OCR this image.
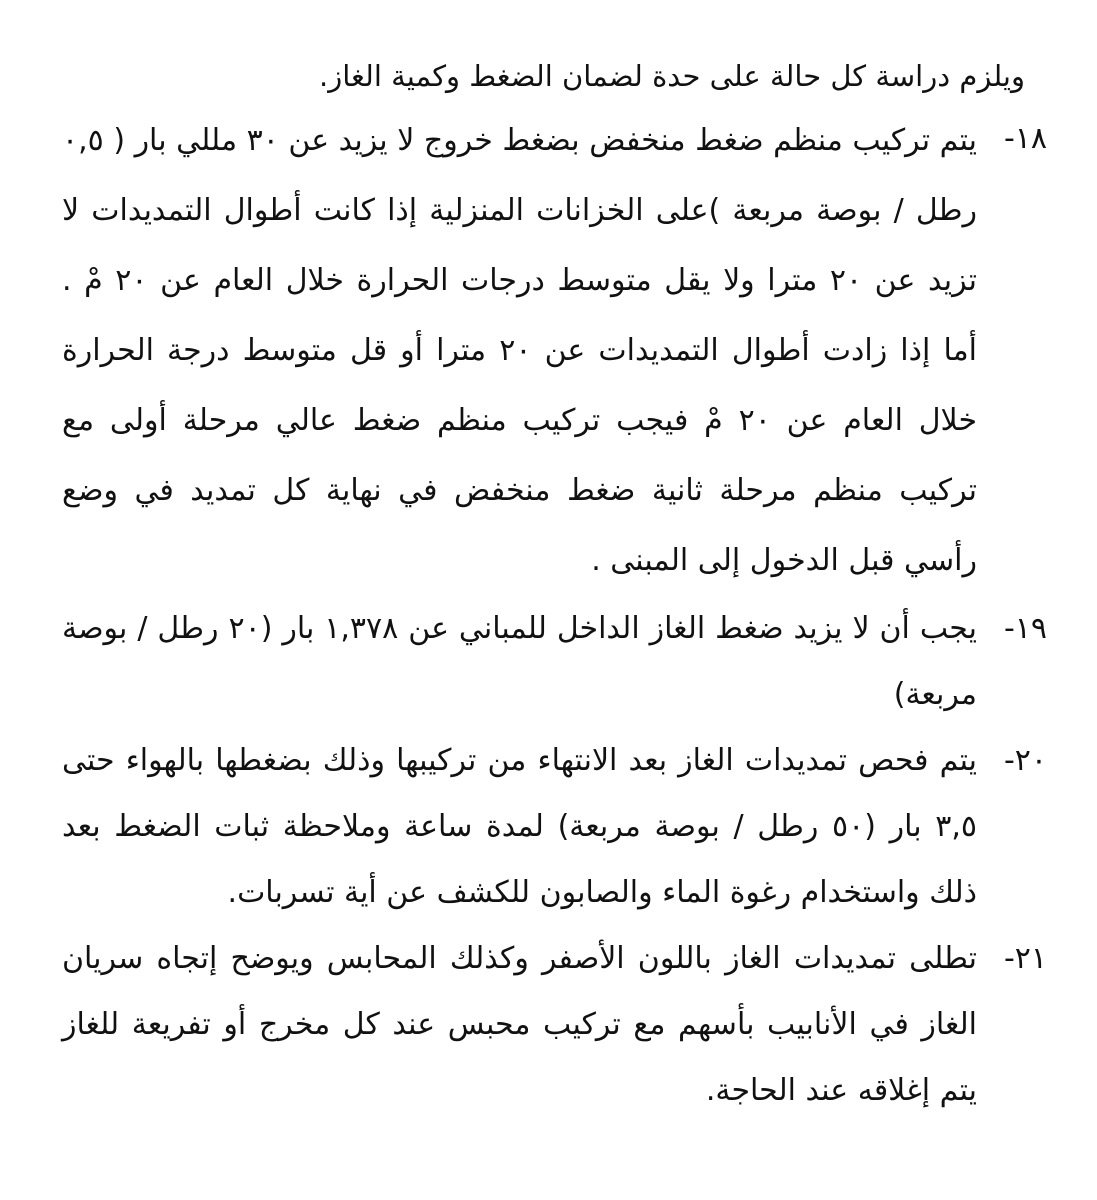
ويلزم دراسة كل حالة على حدة لضمان الضغط وكمية الغاز.

١٨-
يتم تركيب منظم ضغط منخفض بضغط خروج لا يزيد عن ٣٠ مللي بار ( ٠,٥ رطل / بوصة مربعة )على الخزانات المنزلية إذا كانت أطوال التمديدات لا تزيد عن ٢٠ مترا ولا يقل متوسط درجات الحرارة خلال العام عن ٢٠ مْ . أما إذا زادت أطوال التمديدات عن ٢٠ مترا أو قل متوسط درجة الحرارة خلال العام عن ٢٠ مْ فيجب تركيب منظم ضغط عالي مرحلة أولى مع تركيب منظم مرحلة ثانية ضغط منخفض في نهاية كل تمديد في وضع رأسي قبل الدخول إلى المبنى .
١٩-
يجب أن لا يزيد ضغط الغاز الداخل للمباني عن ١,٣٧٨ بار (٢٠ رطل / بوصة مربعة)
٢٠-
يتم فحص تمديدات الغاز بعد الانتهاء من تركيبها وذلك بضغطها بالهواء حتى ٣,٥ بار (٥٠ رطل / بوصة مربعة) لمدة ساعة وملاحظة ثبات الضغط بعد ذلك واستخدام رغوة الماء والصابون للكشف عن أية تسربات.
٢١-
تطلى تمديدات الغاز باللون الأصفر وكذلك المحابس ويوضح إتجاه سريان الغاز في الأنابيب بأسهم مع تركيب محبس عند كل مخرج أو تفريعة للغاز يتم إغلاقه عند الحاجة.
